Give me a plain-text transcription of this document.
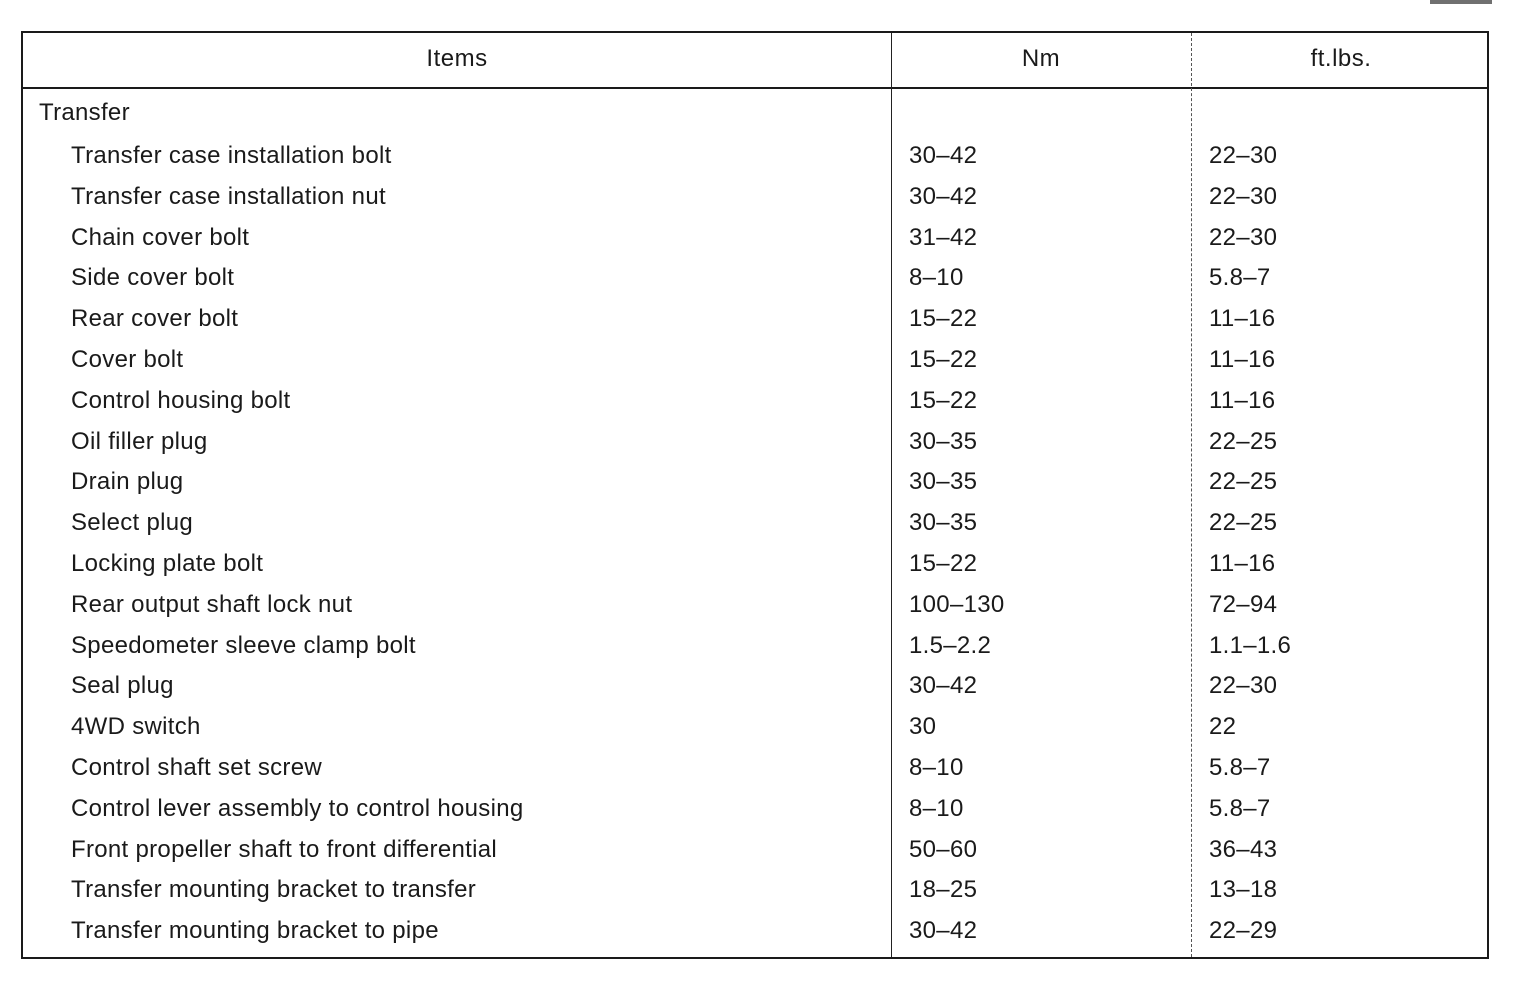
Items	Nm	ft.lbs.
Transfer
Transfer case installation bolt	30–42	22–30
Transfer case installation nut	30–42	22–30
Chain cover bolt	31–42	22–30
Side cover bolt	8–10	5.8–7
Rear cover bolt	15–22	11–16
Cover bolt	15–22	11–16
Control housing bolt	15–22	11–16
Oil filler plug	30–35	22–25
Drain plug	30–35	22–25
Select plug	30–35	22–25
Locking plate bolt	15–22	11–16
Rear output shaft lock nut	100–130	72–94
Speedometer sleeve clamp bolt	1.5–2.2	1.1–1.6
Seal plug	30–42	22–30
4WD switch	30	22
Control shaft set screw	8–10	5.8–7
Control lever assembly to control housing	8–10	5.8–7
Front propeller shaft to front differential	50–60	36–43
Transfer mounting bracket to transfer	18–25	13–18
Transfer mounting bracket to pipe	30–42	22–29
